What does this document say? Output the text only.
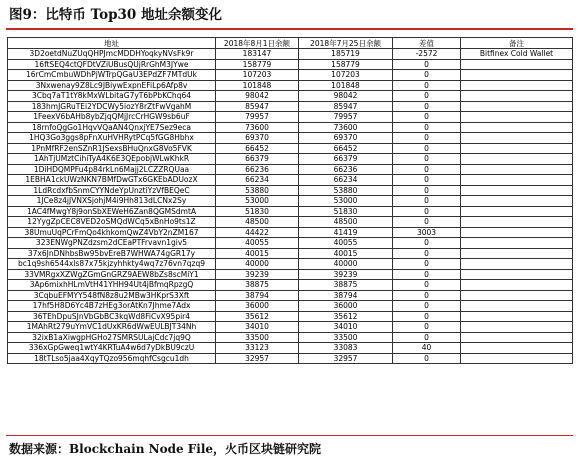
图9：比特币 Top30 地址余额变化
地址	2018年8月1日余额	2018年7月25日余额	差值	备注
3D2oetdNuZUqQHPJmcMDDHYoqkyNVsFk9r	183147	185719	-2572	Bitfinex Cold Wallet
16ftSEQ4ctQFDtVZiUBusQUjRrGhM3JYwe	158779	158779	0	
16rCmCmbuWDhPjWTrpQGaU3EPdZF7MTdUk	107203	107203	0	
3Nxwenay9Z8Lc9JBiywExpnEFiLp6Afp8v	101848	101848	0	
3Cbq7aT1tY8kMxWLbitaG7yT6bPbKChq64	98042	98042	0	
183hmJGRuTEi2YDCWy5iozY8rZtFwVgahM	85947	85947	0	
1FeexV6bAHb8ybZjqQMjJrcCrHGW9sb6uF	79957	79957	0	
18rnfoQgGo1HqvVQaAN4QnxjYE7Sez9eca	73600	73600	0	
1HQ3Go3ggs8pFnXuHVHRytPCq5fGG8Hbhx	69370	69370	0	
1PnMfRF2enSZnR1JSexsBHuQnxG8Vo5FVK	66452	66452	0	
1AhTjUMztCihiTyA4K6E3QEpobjWLwKhkR	66379	66379	0	
1DiHDQMPFu4p84rkLn6Majj2LCZZRQUaa	66236	66236	0	
1EBHA1ckUWzNKN7BMfDwGTx6GKEbADUozX	66234	66234	0	
1LdRcdxfbSnmCYYNdeYpUnztiYzVfBEQeC	53880	53880	0	
1JCe8z4jJVNXSjohjM4i9Hh813dLCNx2Sy	53000	53000	0	
1AC4fMwgY8j9onSbXEWeH6Zan8QGMSdmtA	51830	51830	0	
12YygZpCEC8VED2oSMQdWCq5xBnHo9ts1Z	48500	48500	0	
38UmuUqPCrFmQo4khkomQwZ4VbY2nZM167	44422	41419	3003	
323ENWgPNZdzsm2dCEaPTFrvavn1giv5	40055	40055	0	
37x6JnDNhbsBw95bvEreB7WHWA74gGR17y	40015	40015	0	
bc1q9sh6544xls87x75kjzyhhkty4wq7z76vn7qzq9	40000	40000	0	
33VMRgxXZWgZGmGnGRZ9AEW8bZs8scMiY1	39239	39239	0	
3Ap6mixhHLmVtH41YHH94Ut4jBfmqRpzgQ	38875	38875	0	
3CqbuEFMYY548fN8z8u2MBw3HKprS3Xft	38794	38794	0	
17hf5H8D6Yc4B7zHEg3orAtKn7Jhme7Adx	36000	36000	0	
36TEhDpuSJnVbGbBC3kqWd8FiCvX95pir4	35612	35612	0	
1MAhRt279uYmVC1dUxKR6dWwEULBJT34Nh	34010	34010	0	
32ixB1aXiwgpHGHo27SMRSULajCdc7jq9Q	33500	33500	0	
336xGpGweq1wtY4KRTuA4w6d7yDkBU9czU	33123	33083	40	
18tTLso5jaa4XqyTQzo956mqhfCsgcu1dh	32957	32957	0	
数据来源：Blockchain Node File，火币区块链研究院
